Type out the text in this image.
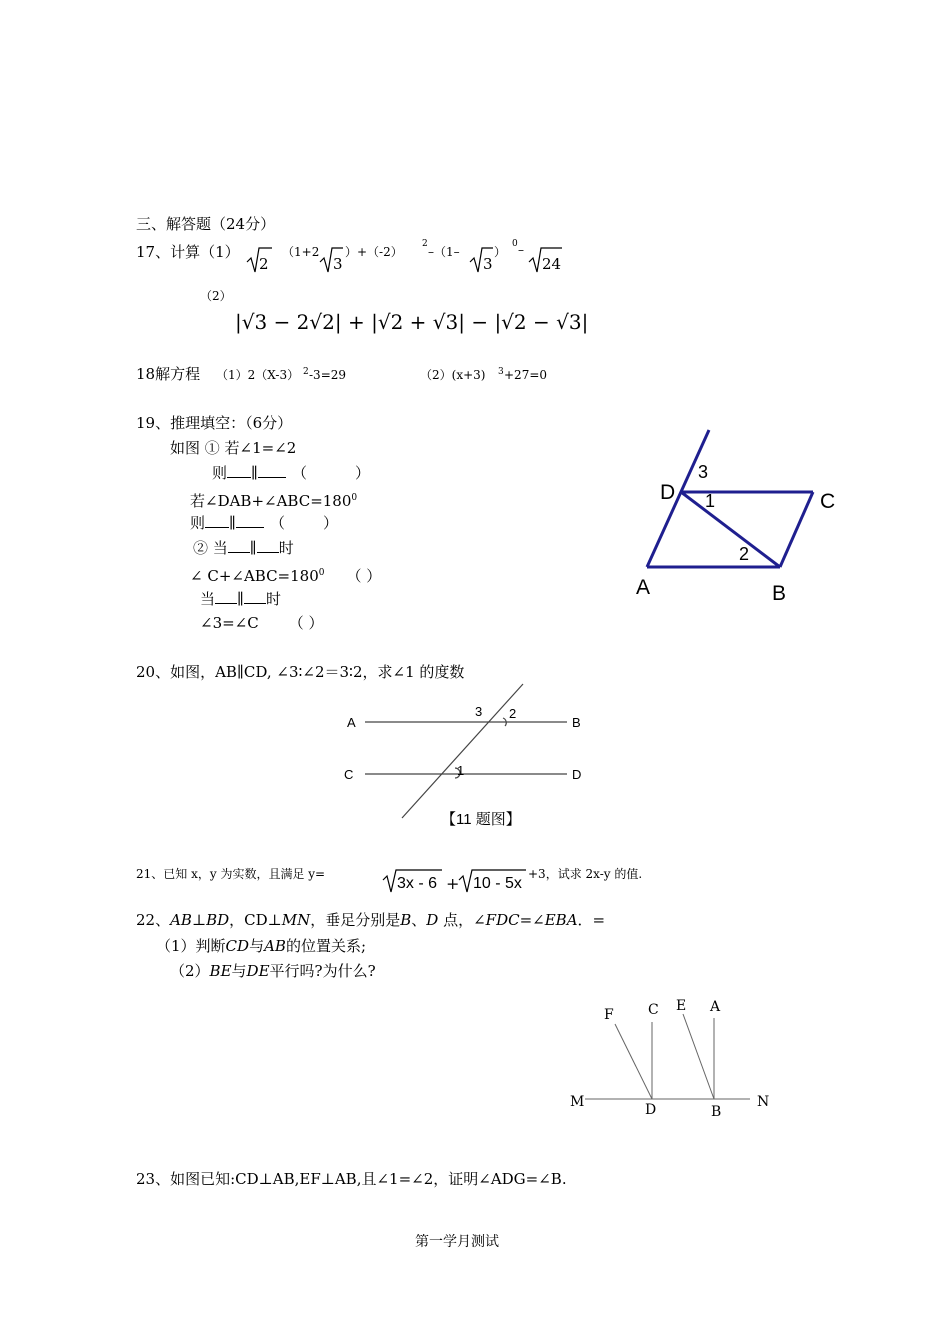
三、解答题（24分）
17、计算（1）
2
（1+2
3
）+（-2）
2
–（1–
3
）
0 –
24
（2）
|√3 − 2√2| + |√2 + √3| − |√2 − √3|
18解方程 （1）2（X-3） 2 -3=29	（2）(x+3) 3 +27=0
19、推理填空：（6分）
如图 ① 若∠1=∠2
则 ∥ （	）
若$\angle DAB+\angle ABC=180^0$
则 ∥ （	）
② 当 ∥ 时
∠ $C+\angle ABC=180^0$ （ ）
当 ∥ 时
∠3=∠C （ ）
3
D 1	C
2
A	B
20、如图，AB∥CD, ∠3∶∠2＝3∶2，求∠1 的度数
A	B
C	D
3 2
1
【11 题图】
21、已知 x，y 为实数，且满足 y=
3x - 6 + 10 - 5x
+3，试求 2x-y 的值.
22、AB⊥BD，CD⊥MN，垂足分别是B、D 点，∠FDC=∠EBA．=
（1）判断CD与AB的位置关系;
（2）BE与DE平行吗?为什么?
F C E A
M	D	B
N
23、如图已知:CD⊥AB,EF⊥AB,且∠1=∠2，证明∠ADG=∠B.
第一学月测试
